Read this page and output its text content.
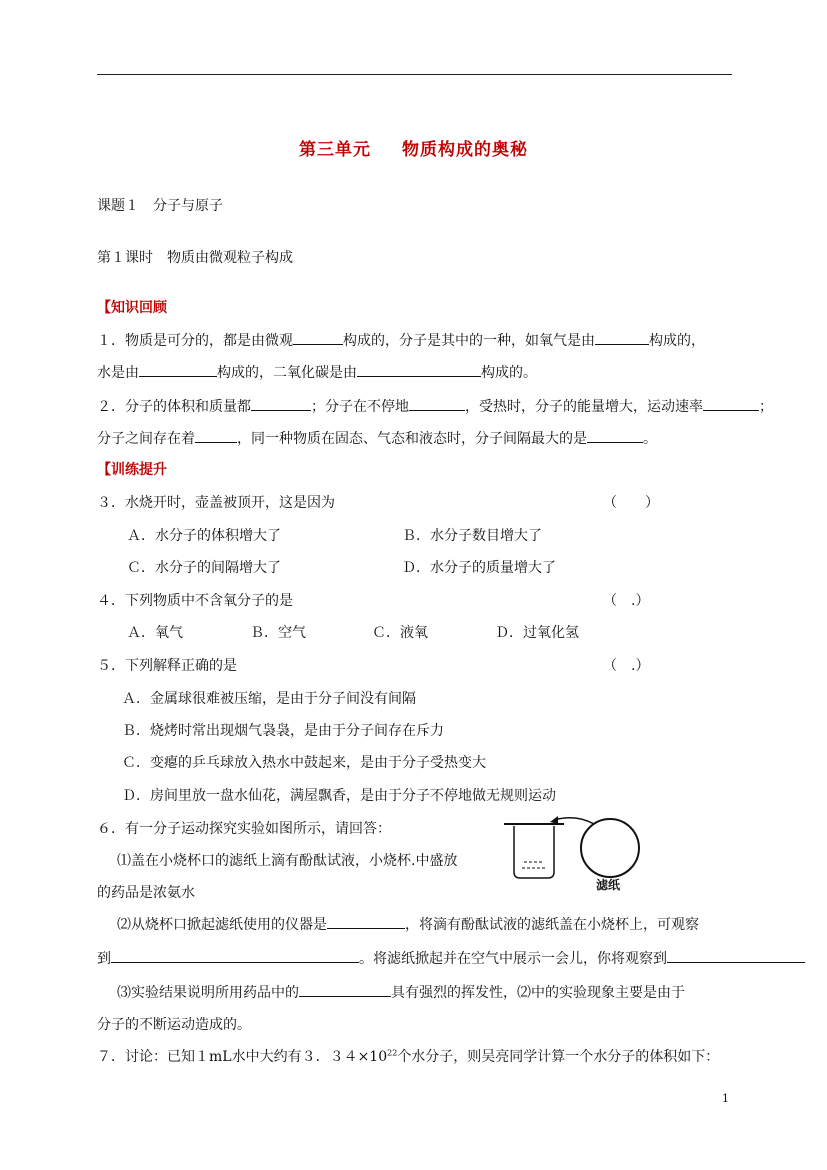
第三单元 物质构成的奥秘
课题１　分子与原子
第１课时　物质由微观粒子构成
【知识回顾
１．物质是可分的，都是由微观	构成的，分子是其中的一种，如氧气是由	构成的，
水是由	构成的，二氧化碳是由	构成的。
２．分子的体积和质量都	；分子在不停地	，受热时，分子的能量增大，运动速率	；
分子之间存在着	，同一种物质在固态、气态和液态时，分子间隔最大的是	。
【训练提升
３．水烧开时，壶盖被顶开，这是因为	（　　）
Ａ．水分子的体积增大了	Ｂ．水分子数目增大了
Ｃ．水分子的间隔增大了	Ｄ．水分子的质量增大了
４．下列物质中不含氧分子的是	（　.）
Ａ．氧气	Ｂ．空气	Ｃ．液氧	Ｄ．过氧化氢
５．下列解释正确的是	（　.）
Ａ．金属球很难被压缩，是由于分子间没有间隔
Ｂ．烧烤时常出现烟气袅袅，是由于分子间存在斥力
Ｃ．变瘪的乒乓球放入热水中鼓起来，是由于分子受热变大
Ｄ．房间里放一盘水仙花，满屋飘香，是由于分子不停地做无规则运动
６．有一分子运动探究实验如图所示，请回答：
⑴盖在小烧杯口的滤纸上滴有酚酞试液，小烧杯.中盛放
的药品是浓氨水	滤纸
⑵从烧杯口掀起滤纸使用的仪器是	，将滴有酚酞试液的滤纸盖在小烧杯上，可观察
到	。将滤纸掀起并在空气中展示一会儿，你将观察到
⑶实验结果说明所用药品中的	具有强烈的挥发性，⑵中的实验现象主要是由于
分子的不断运动造成的。
７．讨论：已知１mL水中大约有３．$34\times 10^{22}$个水分子，则吴亮同学计算一个水分子的体积如下：
1
